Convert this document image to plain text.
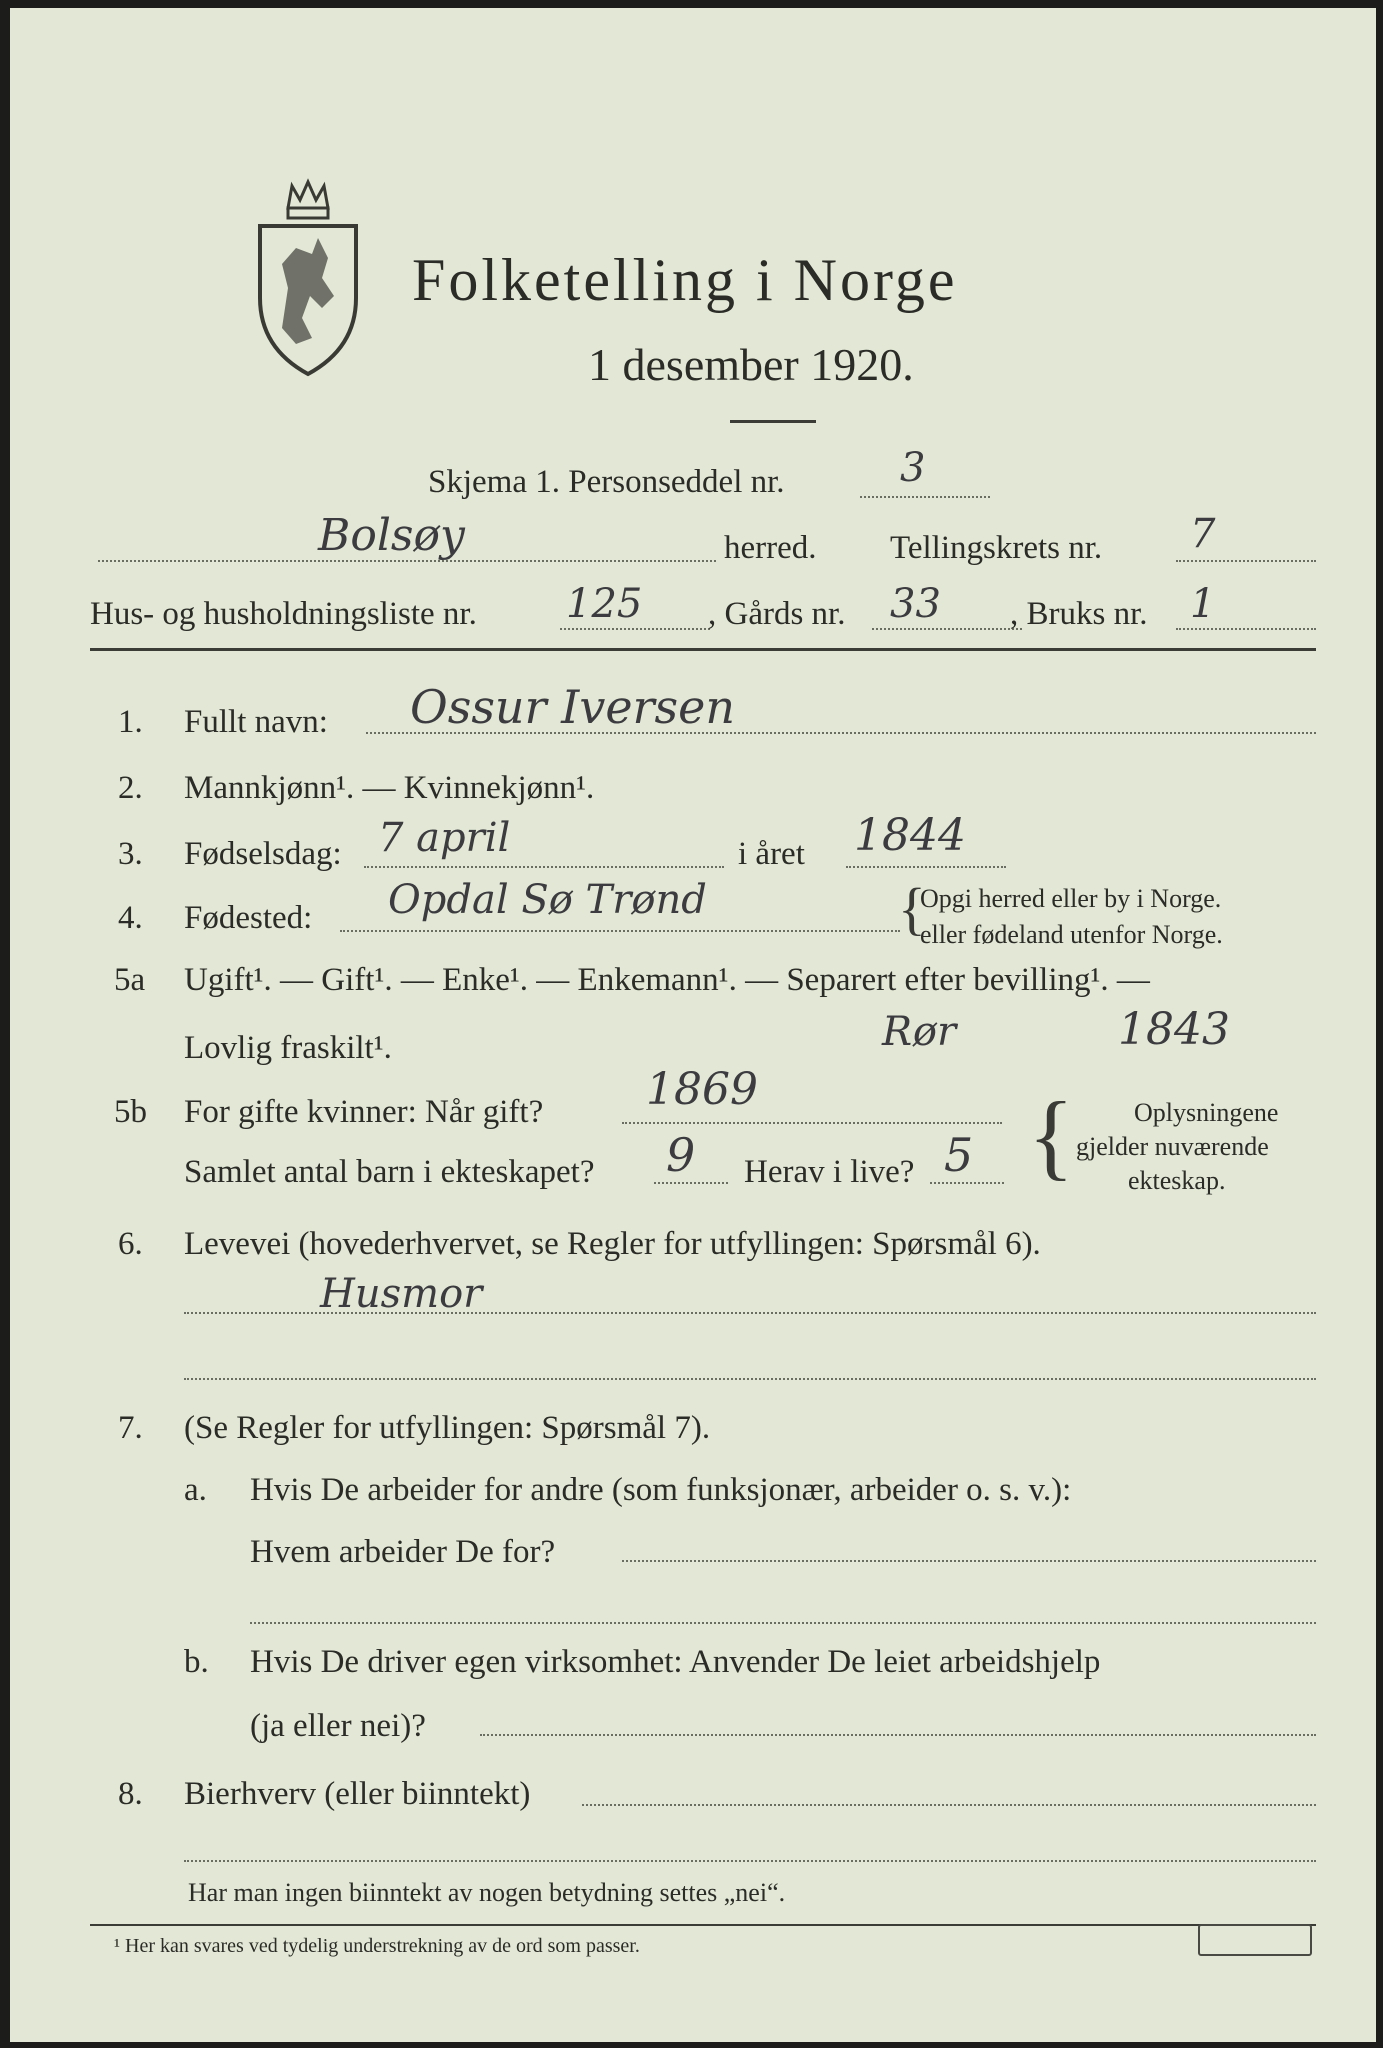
Folketelling i Norge
1 desember 1920.
Skjema 1. Personseddel nr.	3
Bolsøy	herred. Tellingskrets nr. 7
Hus- og husholdningsliste nr. 125 , Gårds nr. 33 , Bruks nr. 1
1. Fullt navn: Ossur Iversen
2. Mannkjønn¹. — Kvinnekjønn¹.
3. Fødselsdag: 7 april	i året 1844
4. Fødested: Opdal Sø Trønd	{
Opgi herred eller by i Norge.
eller fødeland utenfor Norge.
5a Ugift¹. — Gift¹. — Enke¹. — Enkemann¹. — Separert efter bevilling¹. —
Lovlig fraskilt¹.	Rør	1843
5b For gifte kvinner: Når gift? 1869
Samlet antal barn i ekteskapet? 9 Herav i live? 5 { Oplysningene
gjelder nuværende
ekteskap.
6. Levevei (hovederhvervet, se Regler for utfyllingen: Spørsmål 6).
Husmor
7. (Se Regler for utfyllingen: Spørsmål 7).
a. Hvis De arbeider for andre (som funksjonær, arbeider o. s. v.):
Hvem arbeider De for?
b. Hvis De driver egen virksomhet: Anvender De leiet arbeidshjelp
(ja eller nei)?
8. Bierhverv (eller biinntekt)
Har man ingen biinntekt av nogen betydning settes „nei“.
¹ Her kan svares ved tydelig understrekning av de ord som passer.
